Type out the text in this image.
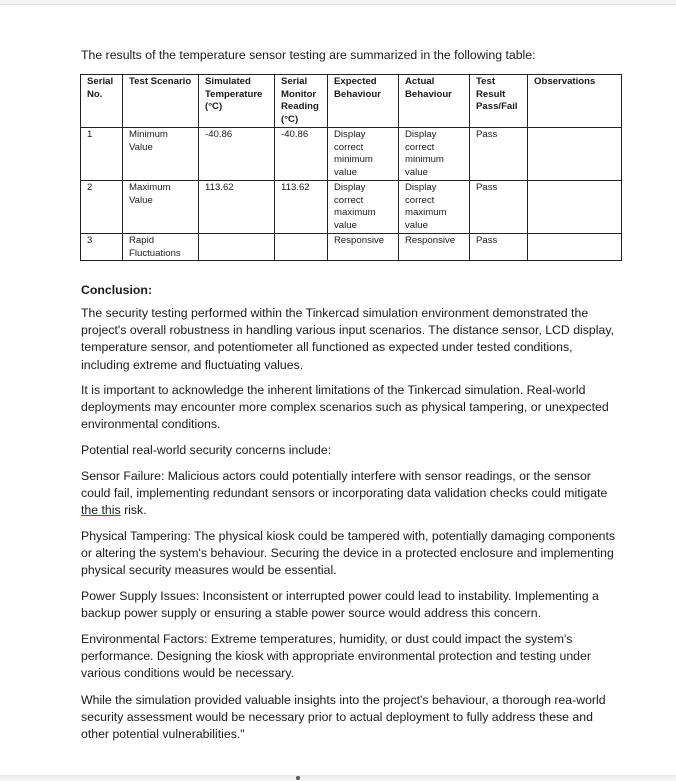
The results of the temperature sensor testing are summarized in the following table:

Serial No.	Test Scenario	Simulated Temperature (°C)	Serial Monitor Reading (°C)	Expected Behaviour	Actual Behaviour	Test Result Pass/Fail	Observations
1	Minimum Value	-40.86	-40.86	Display correct minimum value	Display correct minimum value	Pass	
2	Maximum Value	113.62	113.62	Display correct maximum value	Display correct maximum value	Pass	
3	Rapid Fluctuations			Responsive	Responsive	Pass	

Conclusion:

The security testing performed within the Tinkercad simulation environment demonstrated the project's overall robustness in handling various input scenarios. The distance sensor, LCD display, temperature sensor, and potentiometer all functioned as expected under tested conditions, including extreme and fluctuating values.

It is important to acknowledge the inherent limitations of the Tinkercad simulation. Real-world deployments may encounter more complex scenarios such as physical tampering, or unexpected environmental conditions.

Potential real-world security concerns include:

Sensor Failure: Malicious actors could potentially interfere with sensor readings, or the sensor could fail, implementing redundant sensors or incorporating data validation checks could mitigate the this risk.

Physical Tampering: The physical kiosk could be tampered with, potentially damaging components or altering the system's behaviour. Securing the device in a protected enclosure and implementing physical security measures would be essential.

Power Supply Issues: Inconsistent or interrupted power could lead to instability. Implementing a backup power supply or ensuring a stable power source would address this concern.

Environmental Factors: Extreme temperatures, humidity, or dust could impact the system's performance. Designing the kiosk with appropriate environmental protection and testing under various conditions would be necessary.

While the simulation provided valuable insights into the project's behaviour, a thorough rea-world security assessment would be necessary prior to actual deployment to fully address these and other potential vulnerabilities."
